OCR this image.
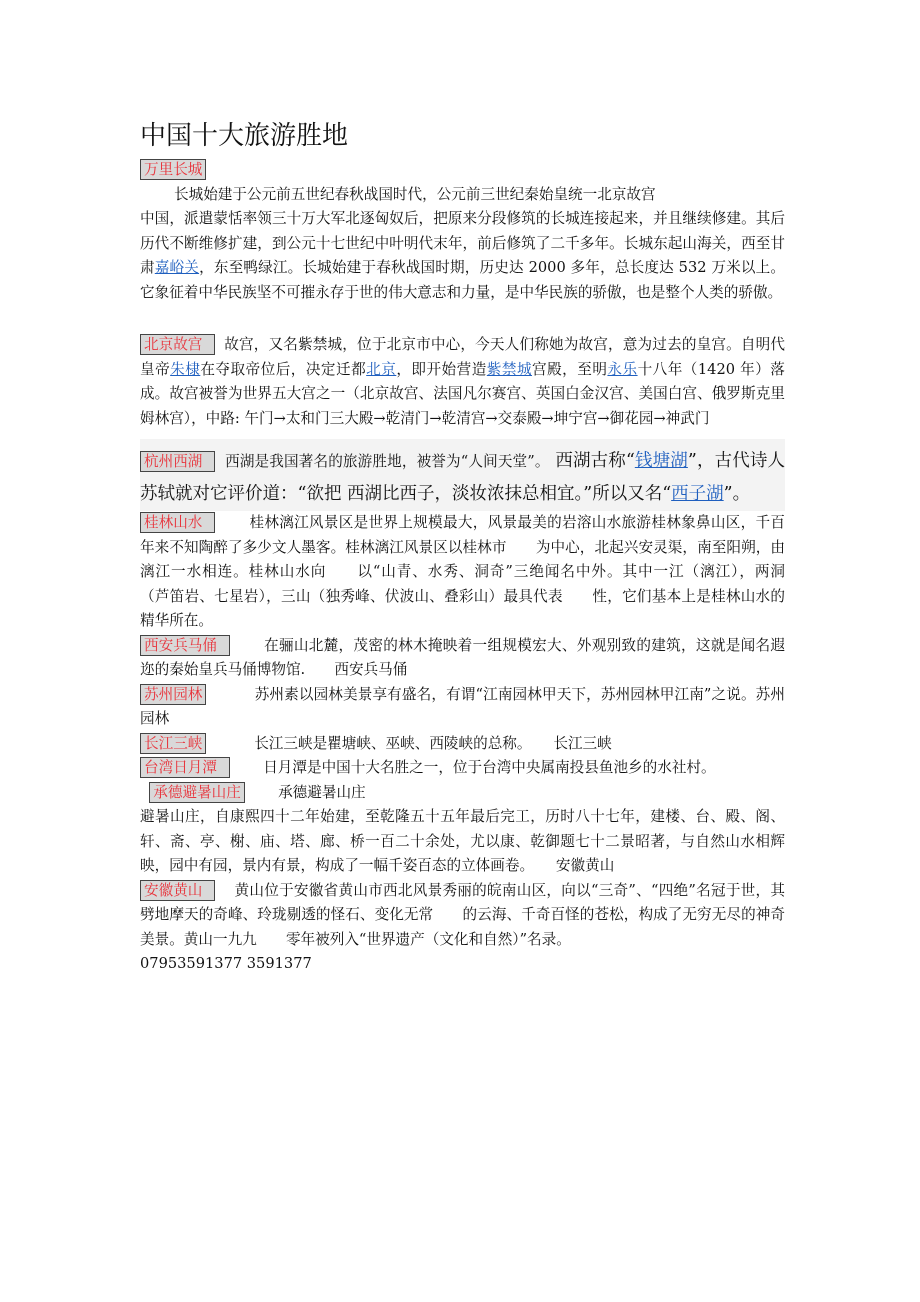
中国十大旅游胜地
万里长城

长城始建于公元前五世纪春秋战国时代，公元前三世纪秦始皇统一北京故宫

中国，派遣蒙恬率领三十万大军北逐匈奴后，把原来分段修筑的长城连接起来，并且继续修建。其后历代不断维修扩建，到公元十七世纪中叶明代末年，前后修筑了二千多年。长城东起山海关，西至甘肃嘉峪关，东至鸭绿江。长城始建于春秋战国时期，历史达 2000 多年，总长度达 532 万米以上。它象征着中华民族坚不可摧永存于世的伟大意志和力量，是中华民族的骄傲，也是整个人类的骄傲。

北京故宫 故宫，又名紫禁城，位于北京市中心，今天人们称她为故宫，意为过去的皇宫。自明代皇帝朱棣在夺取帝位后，决定迁都北京，即开始营造紫禁城宫殿，至明永乐十八年（1420 年）落成。故宫被誉为世界五大宫之一（北京故宫、法国凡尔赛宫、英国白金汉宫、美国白宫、俄罗斯克里姆林宫），中路: 午门→太和门三大殿→乾清门→乾清宫→交泰殿→坤宁宫→御花园→神武门

杭州西湖 西湖是我国著名的旅游胜地，被誉为“人间天堂”。 西湖古称“钱塘湖”，古代诗人苏轼就对它评价道：“欲把 西湖比西子，淡妆浓抹总相宜。”所以又名“西子湖”。

桂林山水　　	桂林漓江风景区是世界上规模最大，风景最美的岩溶山水旅游桂林象鼻山区，千百年来不知陶醉了多少文人墨客。桂林漓江风景区以桂林市　　为中心，北起兴安灵渠，南至阳朔，由漓江一水相连。桂林山水向　　以“山青、水秀、洞奇”三绝闻名中外。其中一江（漓江），两洞　　（芦笛岩、七星岩），三山（独秀峰、伏波山、叠彩山）最具代表　　性，它们基本上是桂林山水的精华所在。

西安兵马俑　　	在骊山北麓，茂密的林木掩映着一组规模宏大、外观别致的建筑，这就是闻名遐迩的秦始皇兵马俑博物馆.　　西安兵马俑

苏州园林　　　	苏州素以园林美景享有盛名，有谓“江南园林甲天下，苏州园林甲江南”之说。苏州园林

长江三峡　　　	长江三峡是瞿塘峡、巫峡、西陵峡的总称。　　长江三峡

台湾日月潭　　	日月潭是中国十大名胜之一，位于台湾中央属南投县鱼池乡的水社村。

承德避暑山庄　　	承德避暑山庄

避暑山庄，自康熙四十二年始建，至乾隆五十五年最后完工，历时八十七年，建楼、台、殿、阁、轩、斋、亭、榭、庙、塔、廊、桥一百二十余处，尤以康、乾御题七十二景昭著，与自然山水相辉映，园中有园，景内有景，构成了一幅千姿百态的立体画卷。　　安徽黄山

安徽黄山　 黄山位于安徽省黄山市西北风景秀丽的皖南山区，向以“三奇”、“四绝”名冠于世，其劈地摩天的奇峰、玲珑剔透的怪石、变化无常　　的云海、千奇百怪的苍松，构成了无穷无尽的神奇美景。黄山一九九　　零年被列入“世界遗产（文化和自然）”名录。

07953591377 3591377
